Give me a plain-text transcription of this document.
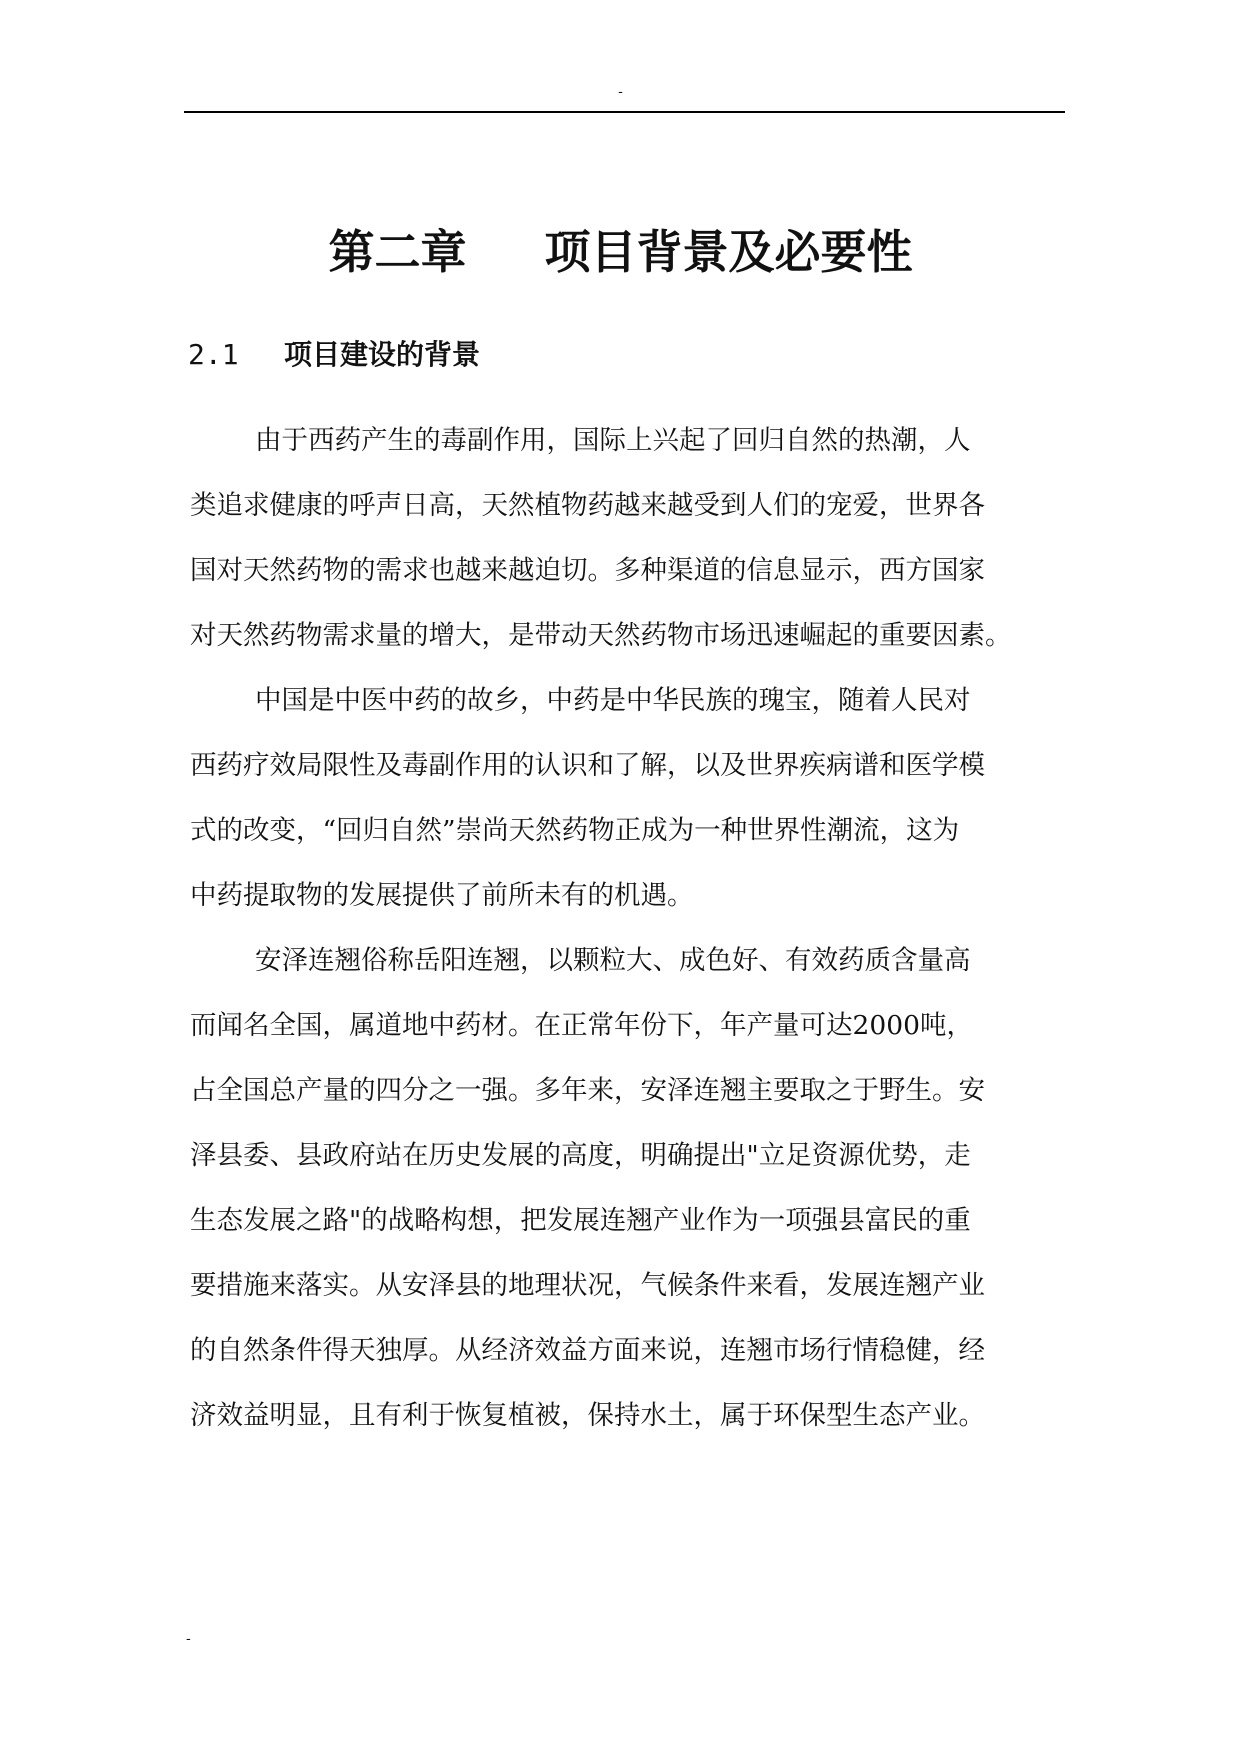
-
第二章 项目背景及必要性
2.1 项目建设的背景
由于西药产生的毒副作用，国际上兴起了回归自然的热潮，人
类追求健康的呼声日高，天然植物药越来越受到人们的宠爱，世界各
国对天然药物的需求也越来越迫切。多种渠道的信息显示，西方国家
对天然药物需求量的增大，是带动天然药物市场迅速崛起的重要因素。
中国是中医中药的故乡，中药是中华民族的瑰宝，随着人民对
西药疗效局限性及毒副作用的认识和了解，以及世界疾病谱和医学模
式的改变，“回归自然”崇尚天然药物正成为一种世界性潮流，这为
中药提取物的发展提供了前所未有的机遇。
安泽连翘俗称岳阳连翘，以颗粒大、成色好、有效药质含量高
而闻名全国，属道地中药材。在正常年份下，年产量可达2000吨，
占全国总产量的四分之一强。多年来，安泽连翘主要取之于野生。安
泽县委、县政府站在历史发展的高度，明确提出"立足资源优势，走
生态发展之路"的战略构想，把发展连翘产业作为一项强县富民的重
要措施来落实。从安泽县的地理状况，气候条件来看，发展连翘产业
的自然条件得天独厚。从经济效益方面来说，连翘市场行情稳健，经
济效益明显，且有利于恢复植被，保持水土，属于环保型生态产业。
-
